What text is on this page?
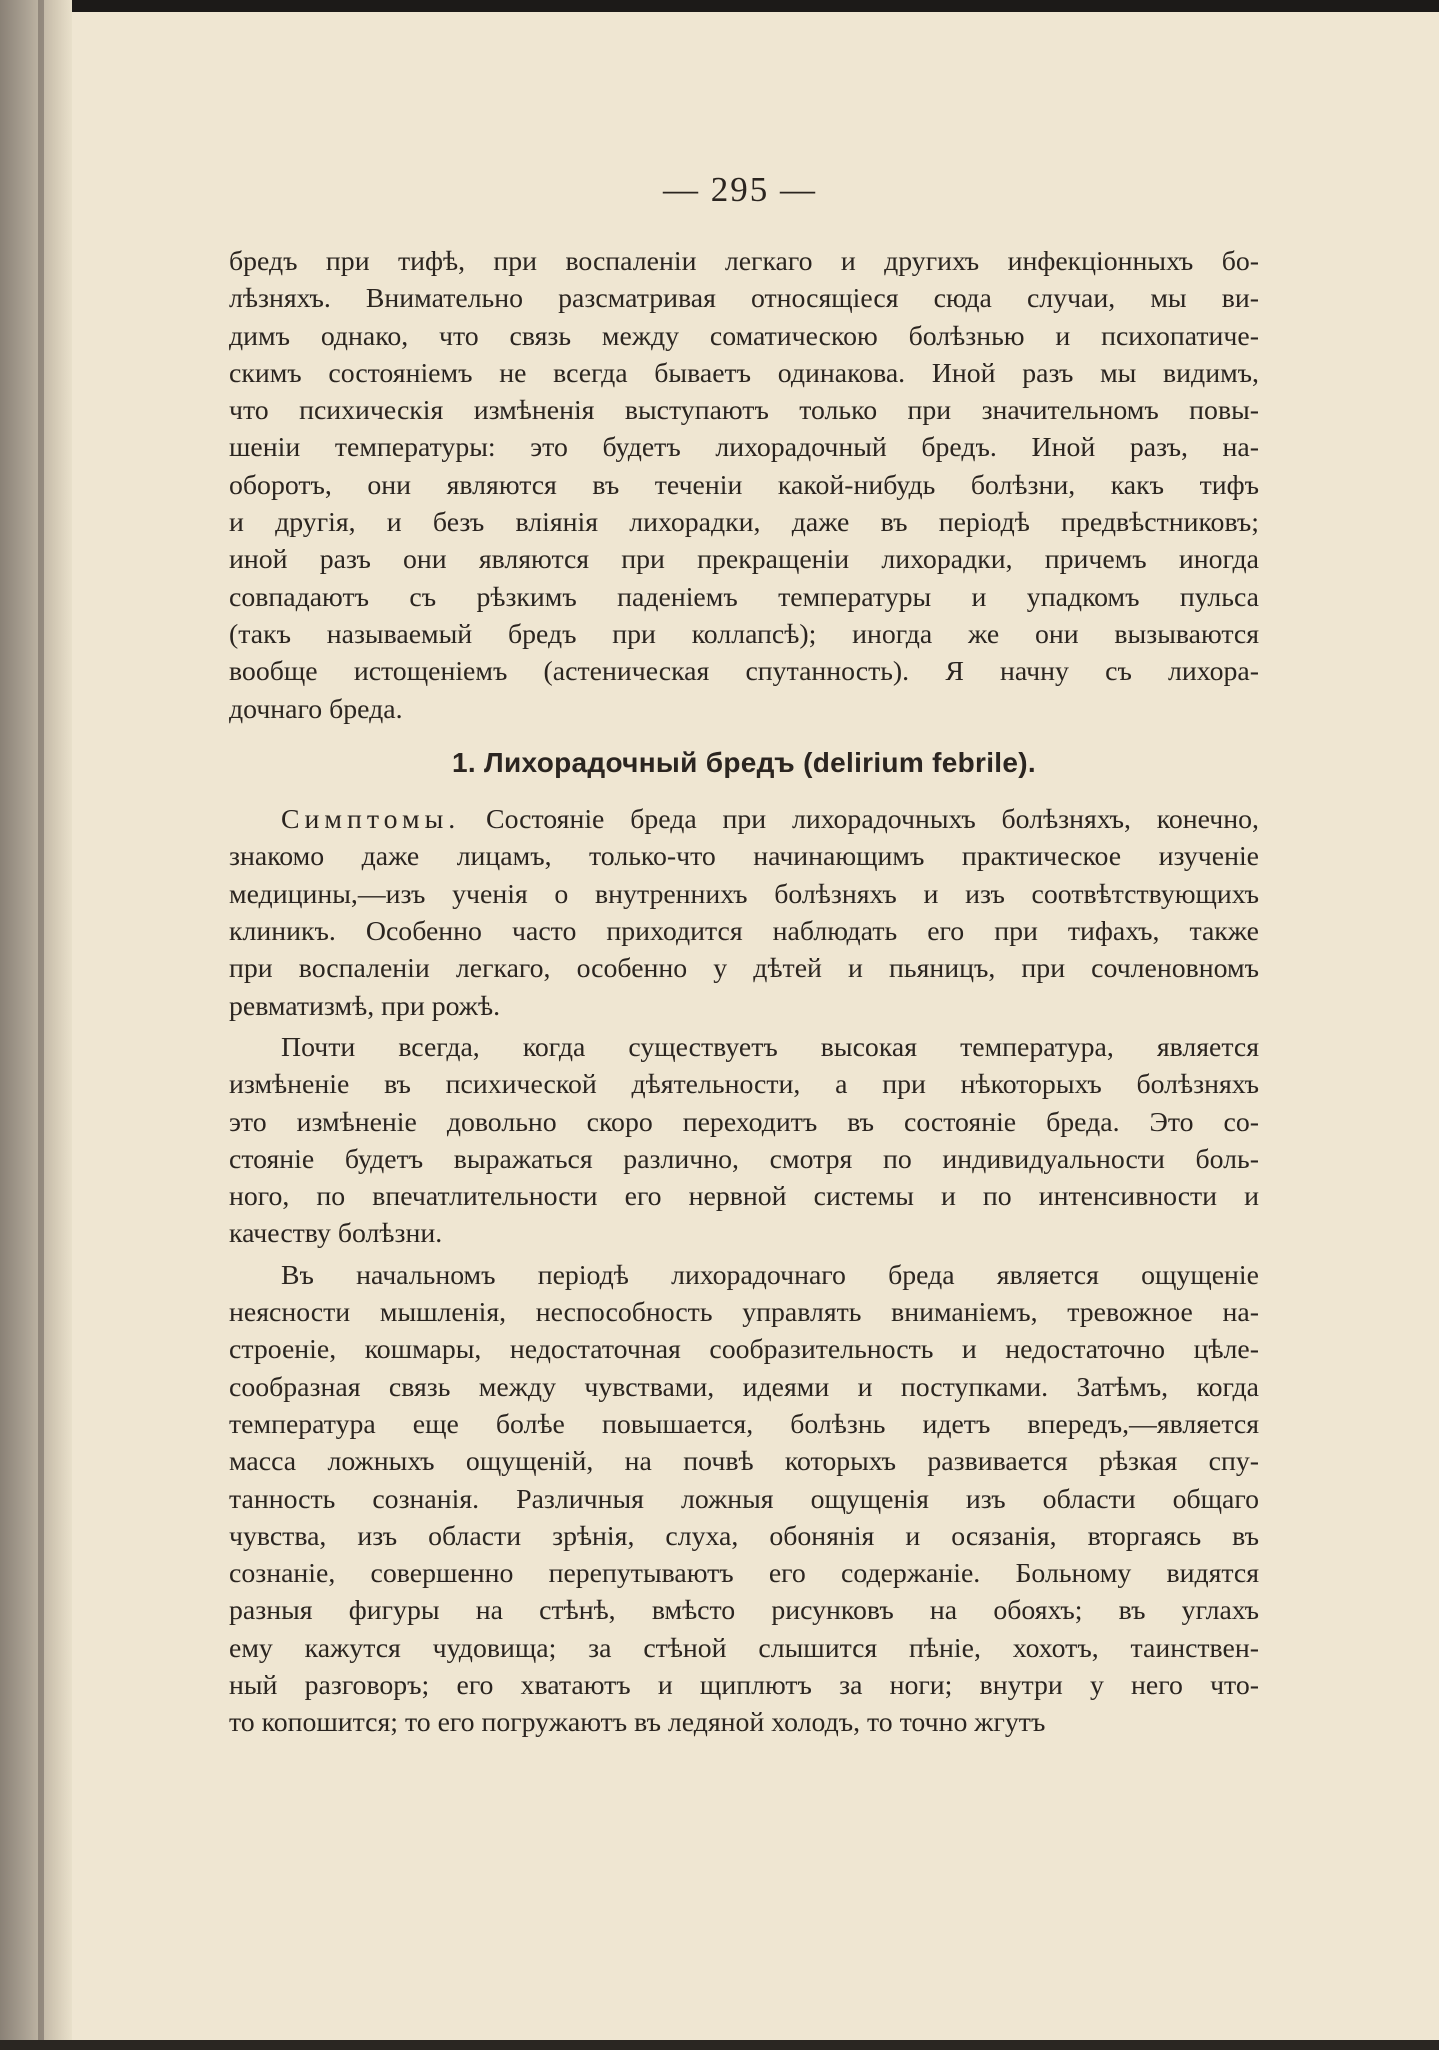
— 295 —
бредъ при тифѣ, при воспаленіи легкаго и другихъ инфекціонныхъ бо-
лѣзняхъ. Внимательно разсматривая относящіеся сюда случаи, мы ви-
димъ однако, что связь между соматическою болѣзнью и психопатиче-
скимъ состояніемъ не всегда бываетъ одинакова. Иной разъ мы видимъ,
что психическія измѣненія выступаютъ только при значительномъ повы-
шеніи температуры: это будетъ лихорадочный бредъ. Иной разъ, на-
оборотъ, они являются въ теченіи какой-нибудь болѣзни, какъ тифъ
и другія, и безъ вліянія лихорадки, даже въ періодѣ предвѣстниковъ;
иной разъ они являются при прекращеніи лихорадки, причемъ иногда
совпадаютъ съ рѣзкимъ паденіемъ температуры и упадкомъ пульса
(такъ называемый бредъ при коллапсѣ); иногда же они вызываются
вообще истощеніемъ (астеническая спутанность). Я начну съ лихора-
дочнаго бреда.
1. Лихорадочный бредъ (delirium febrile).
Симптомы. Состояніе бреда при лихорадочныхъ болѣзняхъ, конечно,
знакомо даже лицамъ, только-что начинающимъ практическое изученіе
медицины,—изъ ученія о внутреннихъ болѣзняхъ и изъ соотвѣтствующихъ
клиникъ. Особенно часто приходится наблюдать его при тифахъ, также
при воспаленіи легкаго, особенно у дѣтей и пьяницъ, при сочленовномъ
ревматизмѣ, при рожѣ.
Почти всегда, когда существуетъ высокая температура, является
измѣненіе въ психической дѣятельности, а при нѣкоторыхъ болѣзняхъ
это измѣненіе довольно скоро переходитъ въ состояніе бреда. Это со-
стояніе будетъ выражаться различно, смотря по индивидуальности боль-
ного, по впечатлительности его нервной системы и по интенсивности и
качеству болѣзни.
Въ начальномъ періодѣ лихорадочнаго бреда является ощущеніе
неясности мышленія, неспособность управлять вниманіемъ, тревожное на-
строеніе, кошмары, недостаточная сообразительность и недостаточно цѣле-
сообразная связь между чувствами, идеями и поступками. Затѣмъ, когда
температура еще болѣе повышается, болѣзнь идетъ впередъ,—является
масса ложныхъ ощущеній, на почвѣ которыхъ развивается рѣзкая спу-
танность сознанія. Различныя ложныя ощущенія изъ области общаго
чувства, изъ области зрѣнія, слуха, обонянія и осязанія, вторгаясь въ
сознаніе, совершенно перепутываютъ его содержаніе. Больному видятся
разныя фигуры на стѣнѣ, вмѣсто рисунковъ на обояхъ; въ углахъ
ему кажутся чудовища; за стѣной слышится пѣніе, хохотъ, таинствен-
ный разговоръ; его хватаютъ и щиплютъ за ноги; внутри у него что-
то копошится; то его погружаютъ въ ледяной холодъ, то точно жгутъ
